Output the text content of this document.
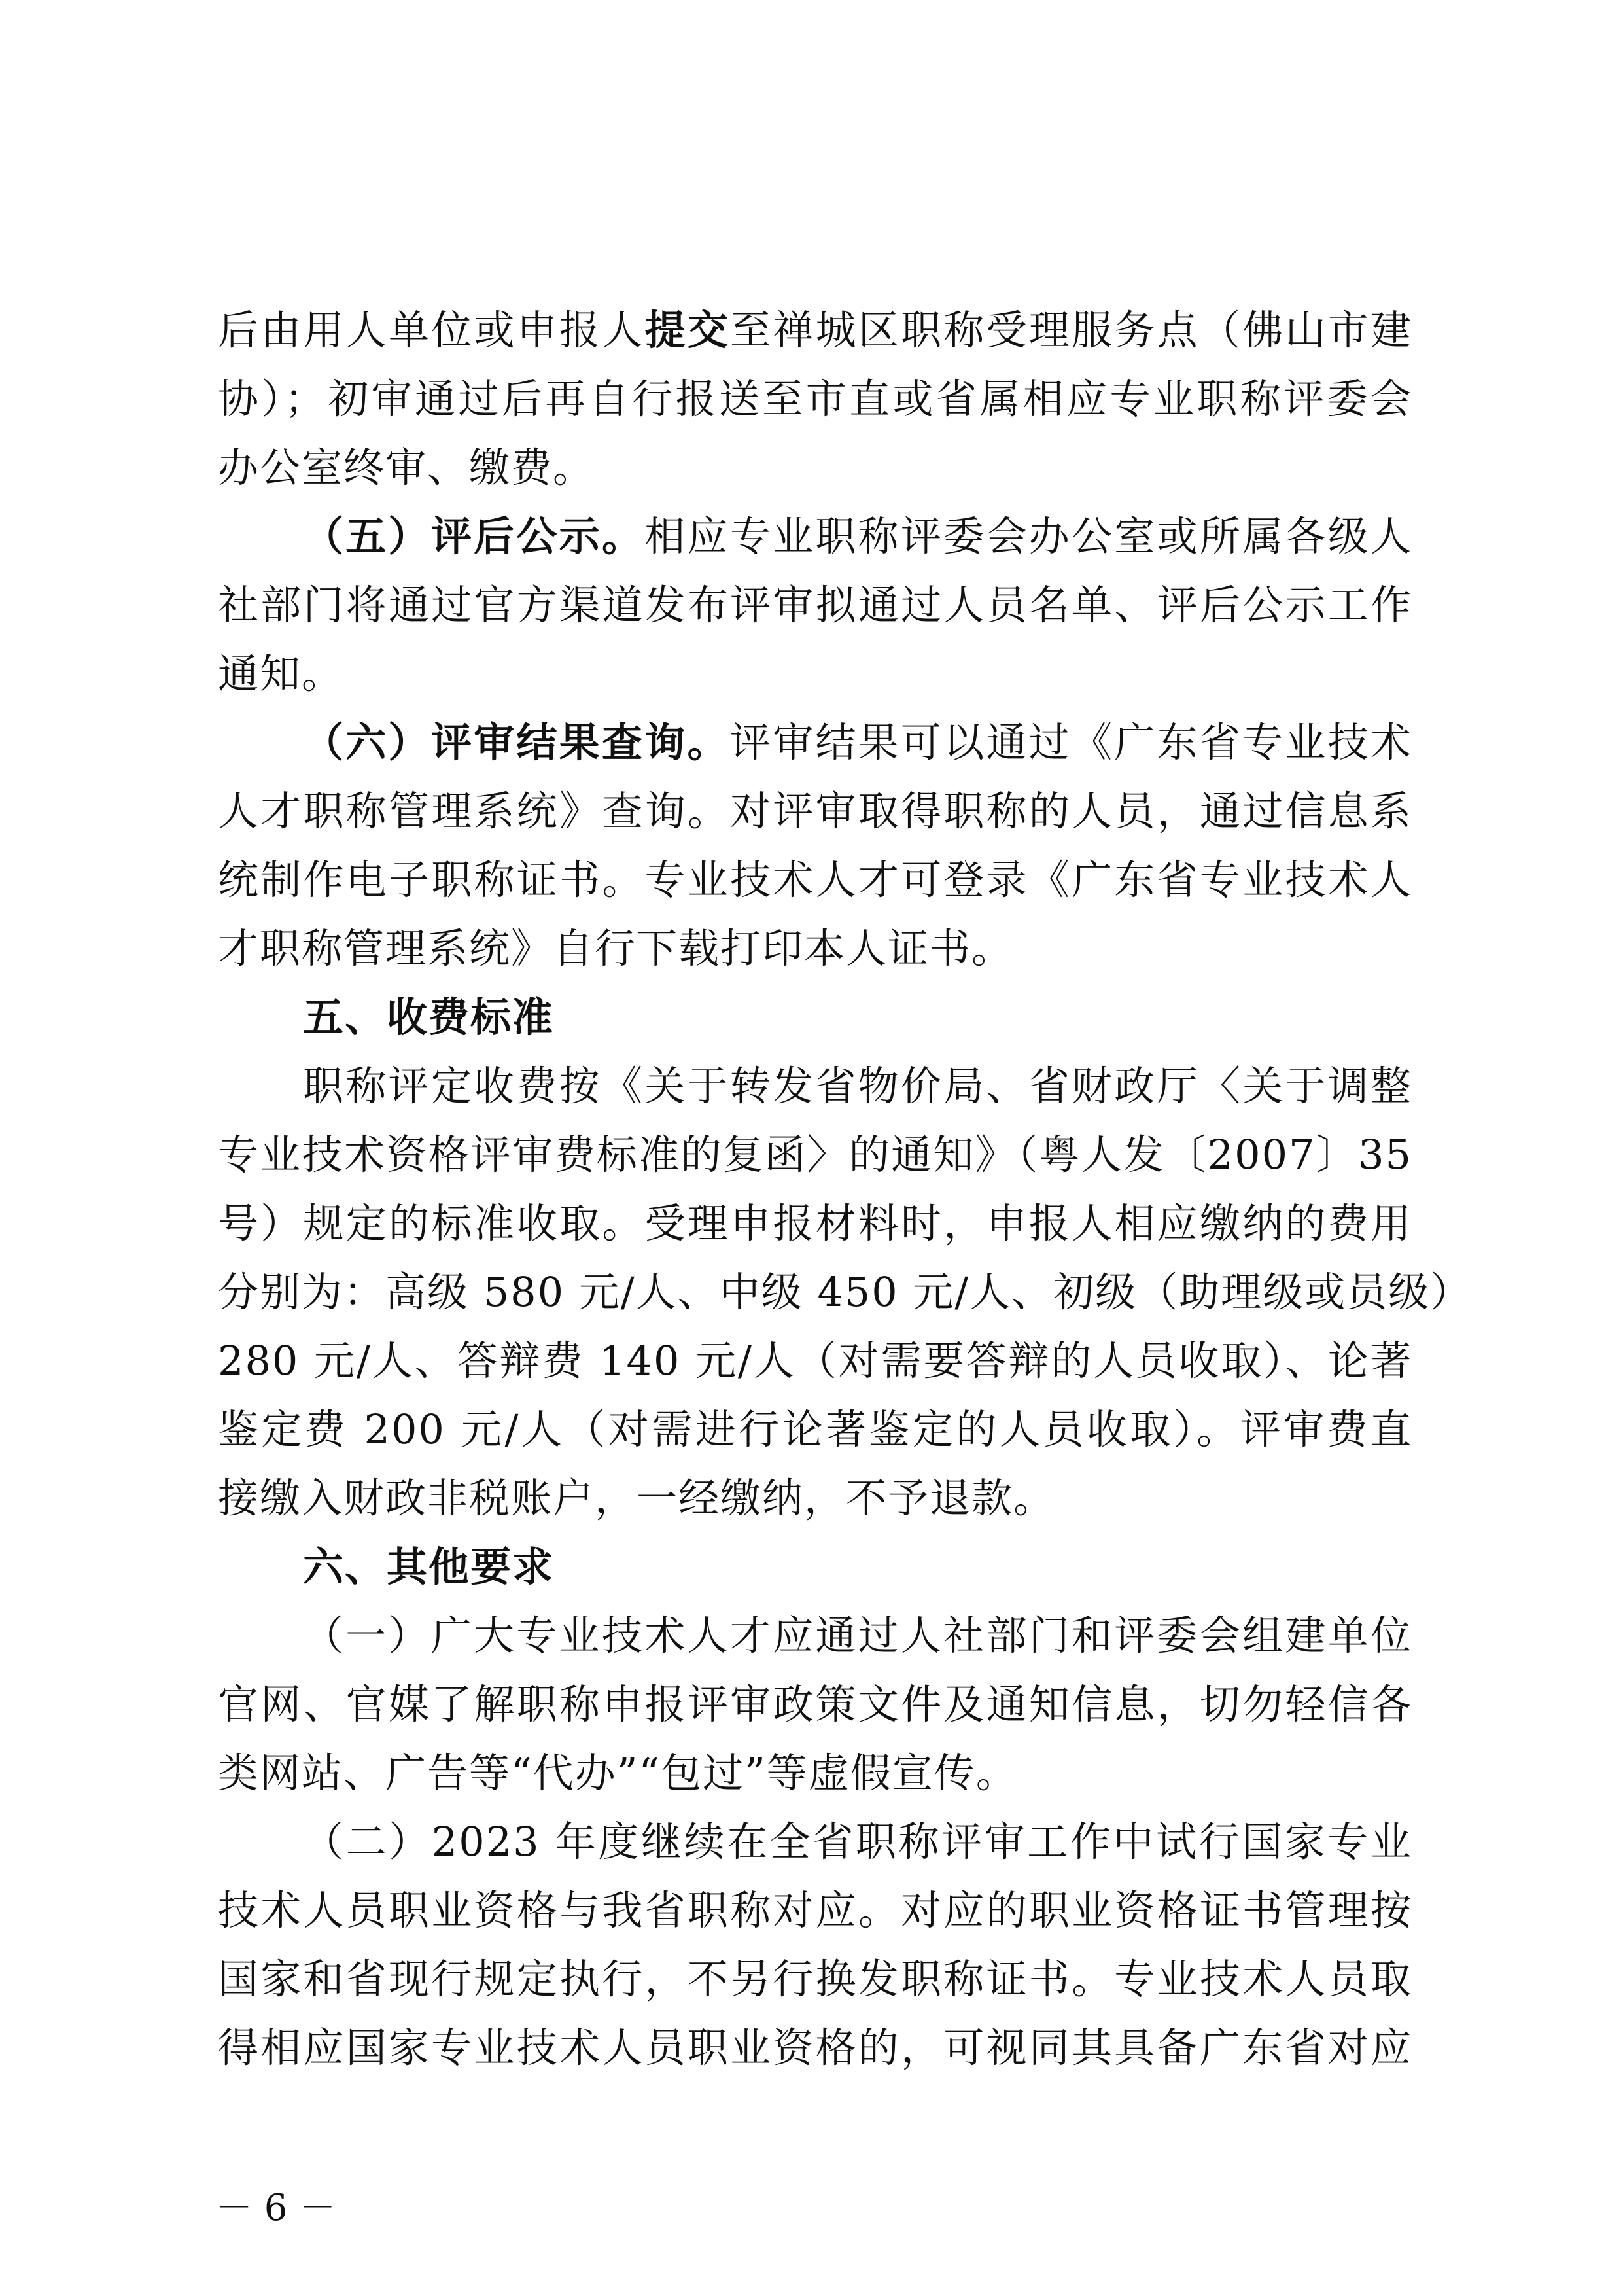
后由用人单位或申报人提交至禅城区职称受理服务点（佛山市建
协）；初审通过后再自行报送至市直或省属相应专业职称评委会
办公室终审、缴费。
（五）评后公示。相应专业职称评委会办公室或所属各级人
社部门将通过官方渠道发布评审拟通过人员名单、评后公示工作
通知。
（六）评审结果查询。评审结果可以通过《广东省专业技术
人才职称管理系统》查询。对评审取得职称的人员，通过信息系
统制作电子职称证书。专业技术人才可登录《广东省专业技术人
才职称管理系统》自行下载打印本人证书。
五、收费标准
职称评定收费按《关于转发省物价局、省财政厅〈关于调整
专业技术资格评审费标准的复函〉的通知》（粤人发〔2007〕35
号）规定的标准收取。受理申报材料时，申报人相应缴纳的费用
分别为：高级 580 元/人、中级 450 元/人、初级（助理级或员级）
280 元/人、答辩费 140 元/人（对需要答辩的人员收取）、论著
鉴定费 200 元/人（对需进行论著鉴定的人员收取）。评审费直
接缴入财政非税账户，一经缴纳，不予退款。
六、其他要求
（一）广大专业技术人才应通过人社部门和评委会组建单位
官网、官媒了解职称申报评审政策文件及通知信息，切勿轻信各
类网站、广告等“代办”“包过”等虚假宣传。
（二）2023 年度继续在全省职称评审工作中试行国家专业
技术人员职业资格与我省职称对应。对应的职业资格证书管理按
国家和省现行规定执行，不另行换发职称证书。专业技术人员取
得相应国家专业技术人员职业资格的，可视同其具备广东省对应
－ 6 －
